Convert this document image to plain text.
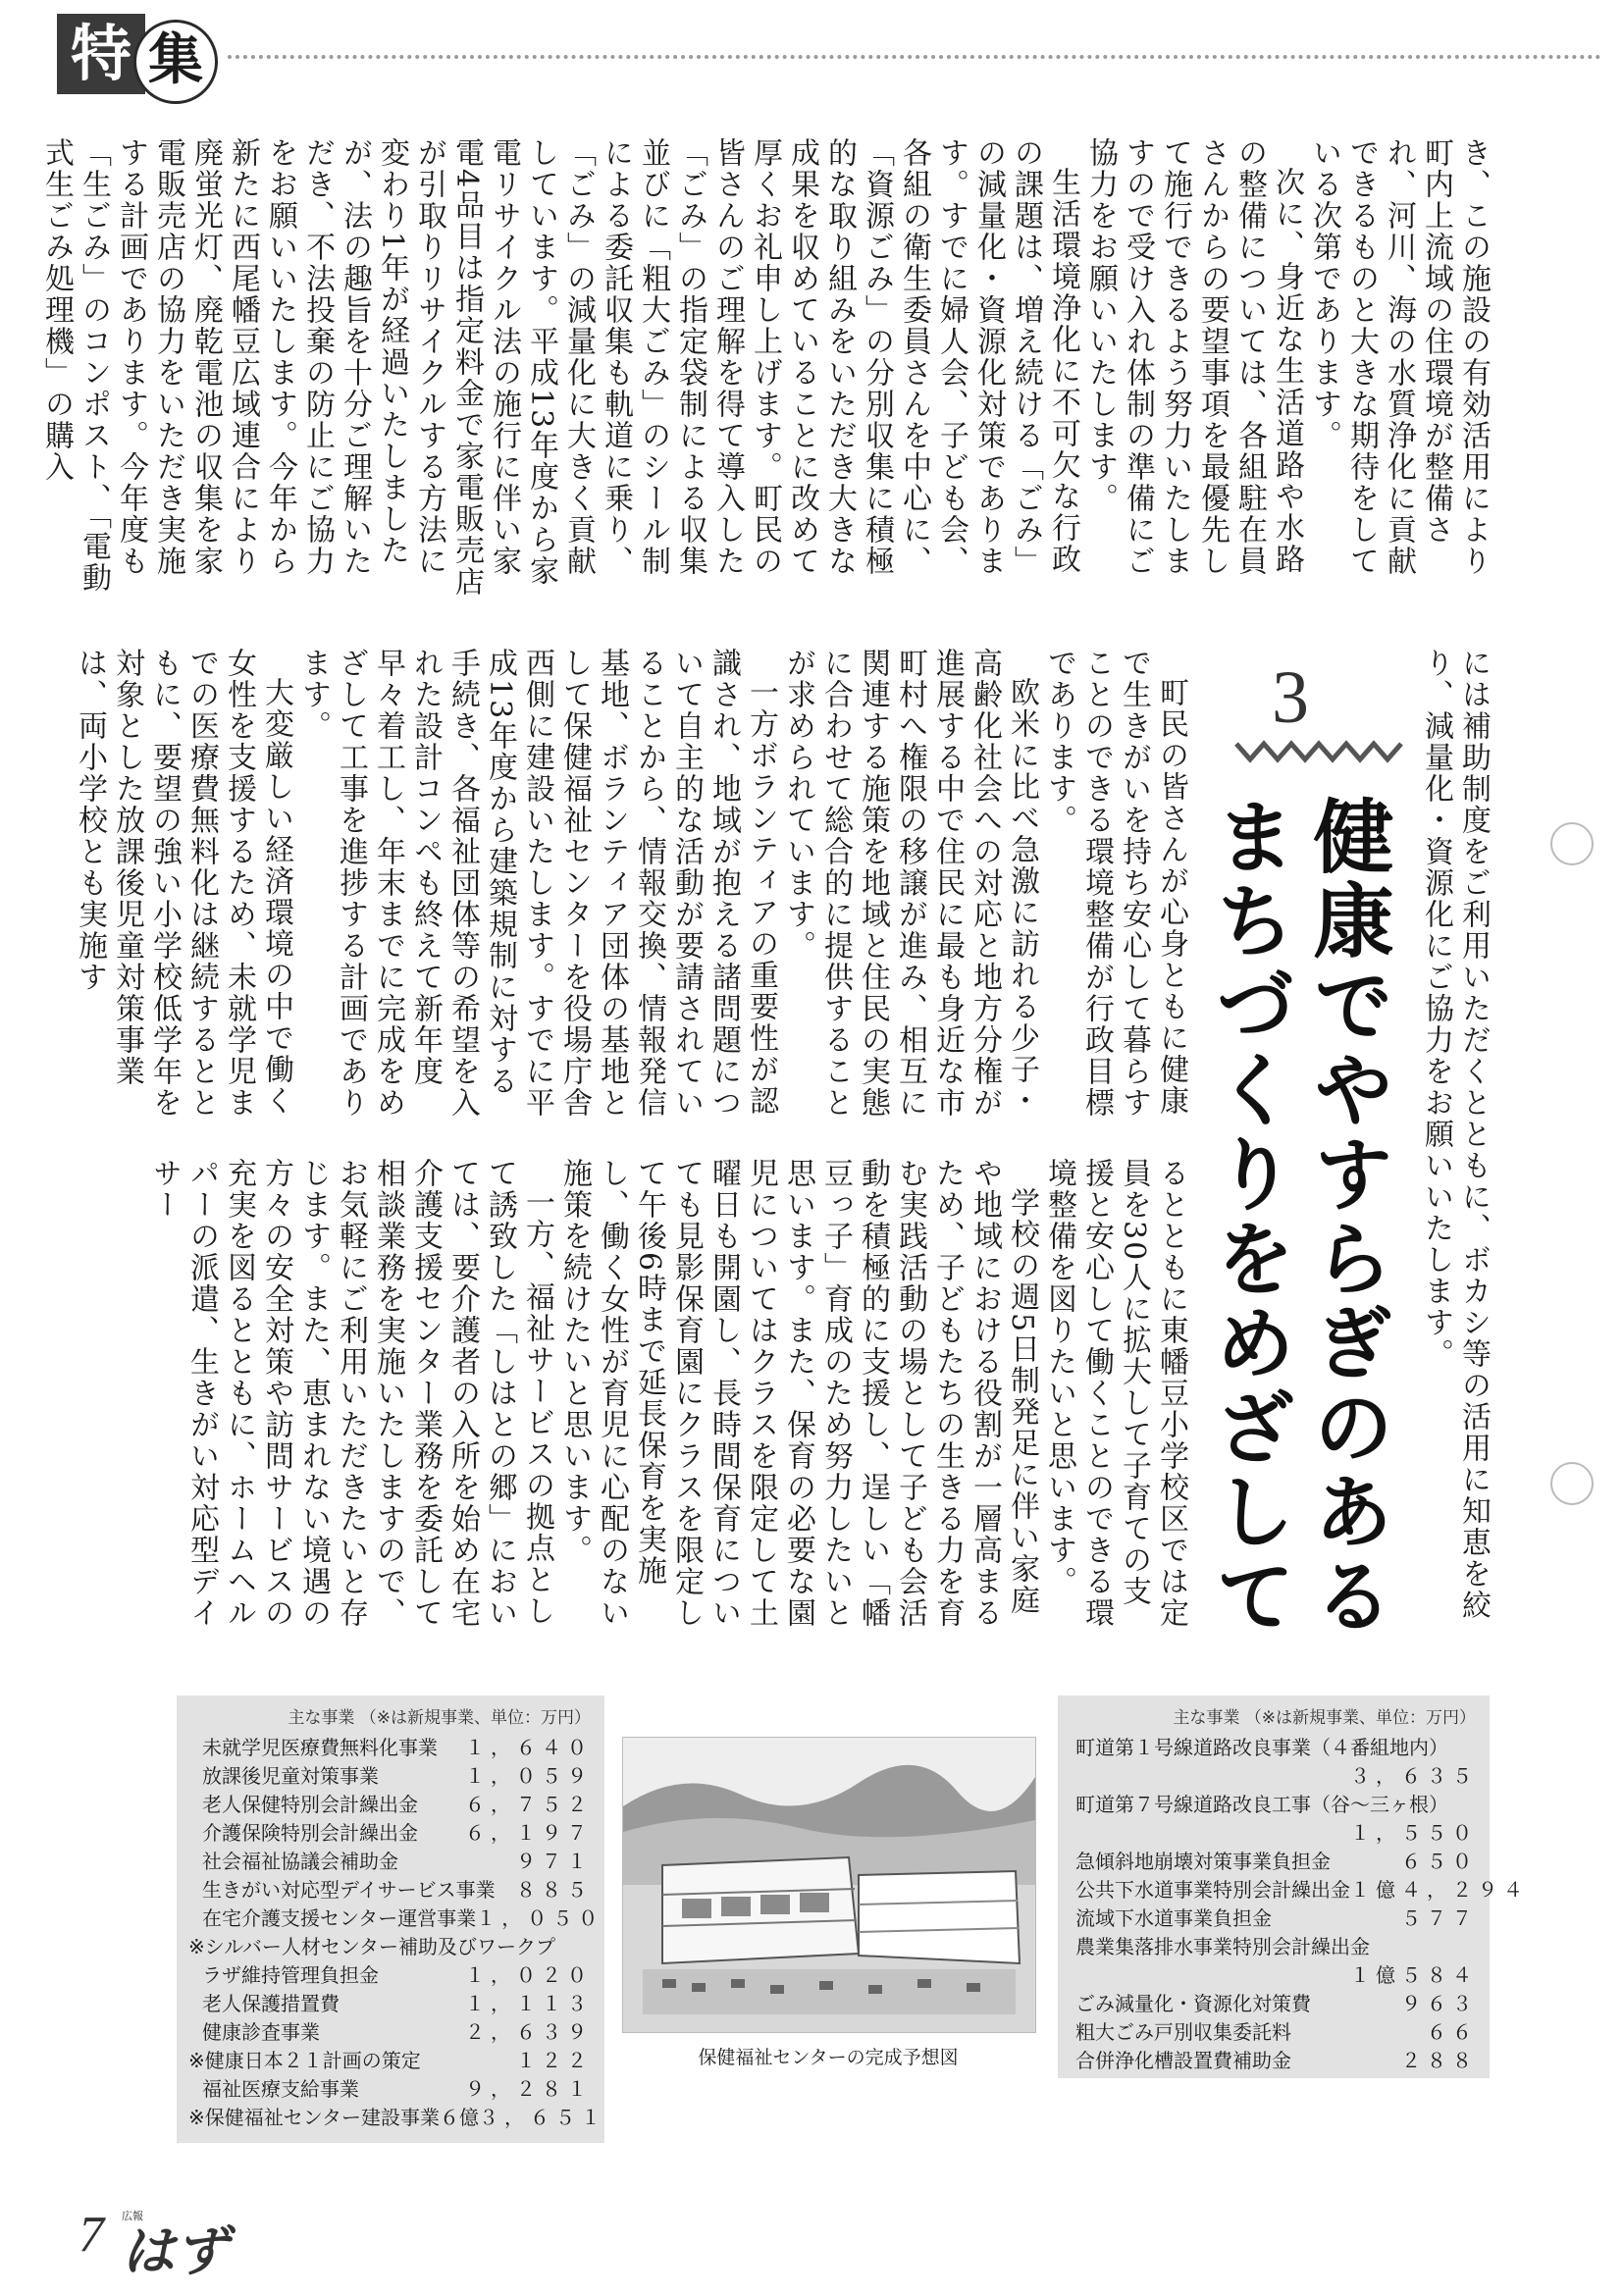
特 集

き、この施設の有効活用により町内上流域の住環境が整備され、河川、海の水質浄化に貢献できるものと大きな期待をしている次第であります。

次に、身近な生活道路や水路の整備については、各組駐在員さんからの要望事項を最優先して施行できるよう努力いたしますので受け入れ体制の準備にご協力をお願いいたします。

生活環境浄化に不可欠な行政の課題は、増え続ける「ごみ」の減量化・資源化対策であります。すでに婦人会、子ども会、各組の衛生委員さんを中心に、「資源ごみ」の分別収集に積極的な取り組みをいただき大きな成果を収めていることに改めて厚くお礼申し上げます。町民の皆さんのご理解を得て導入した「ごみ」の指定袋制による収集並びに「粗大ごみ」のシール制による委託収集も軌道に乗り、「ごみ」の減量化に大きく貢献しています。平成13年度から家電リサイクル法の施行に伴い家電4品目は指定料金で家電販売店が引取りリサイクルする方法に変わり1年が経過いたしましたが、法の趣旨を十分ご理解いただき、不法投棄の防止にご協力をお願いいたします。今年から新たに西尾幡豆広域連合により廃蛍光灯、廃乾電池の収集を家電販売店の協力をいただき実施する計画であります。今年度も「生ごみ」のコンポスト、「電動式生ごみ処理機」の購入

には補助制度をご利用いただくとともに、ボカシ等の活用に知恵を絞り、減量化・資源化にご協力をお願いいたします。

3
健康でやすらぎのある
まちづくりをめざして

町民の皆さんが心身ともに健康で生きがいを持ち安心して暮らすことのできる環境整備が行政目標であります。

欧米に比べ急激に訪れる少子・高齢化社会への対応と地方分権が進展する中で住民に最も身近な市町村へ権限の移譲が進み、相互に関連する施策を地域と住民の実態に合わせて総合的に提供することが求められています。

一方ボランティアの重要性が認識され、地域が抱える諸問題について自主的な活動が要請されていることから、情報交換、情報発信基地、ボランティア団体の基地として保健福祉センターを役場庁舎西側に建設いたします。すでに平成13年度から建築規制に対する手続き、各福祉団体等の希望を入れた設計コンペも終えて新年度早々着工し、年末までに完成をめざして工事を進捗する計画であります。

大変厳しい経済環境の中で働く女性を支援するため、未就学児までの医療費無料化は継続するとともに、要望の強い小学校低学年を対象とした放課後児童対策事業は、両小学校とも実施す

るとともに東幡豆小学校区では定員を30人に拡大して子育ての支援と安心して働くことのできる環境整備を図りたいと思います。

学校の週5日制発足に伴い家庭や地域における役割が一層高まるため、子どもたちの生きる力を育む実践活動の場として子ども会活動を積極的に支援し、逞しい「幡豆っ子」育成のため努力したいと思います。また、保育の必要な園児についてはクラスを限定して土曜日も開園し、長時間保育についても見影保育園にクラスを限定して午後6時まで延長保育を実施し、働く女性が育児に心配のない施策を続けたいと思います。

一方、福祉サービスの拠点として誘致した「しはとの郷」においては、要介護者の入所を始め在宅介護支援センター業務を委託して相談業務を実施いたしますので、お気軽にご利用いただきたいと存じます。また、恵まれない境遇の方々の安全対策や訪問サービスの充実を図るとともに、ホームヘルパーの派遣、生きがい対応型デイサー

主な事業 （※は新規事業、単位：万円）
未就学児医療費無料化事業 １，６４０
放課後児童対策事業	１，０５９
老人保健特別会計繰出金 ６，７５２
介護保険特別会計繰出金 ６，１９７
社会福祉協議会補助金	９７１
生きがい対応型デイサービス事業 ８８５
在宅介護支援センター運営事業 １，０５０
※シルバー人材センター補助及びワークプ
ラザ維持管理負担金	１，０２０
老人保護措置費	１，１１３
健康診査事業	２，６３９
※健康日本２１計画の策定	１２２
福祉医療支給事業	９，２８１
※保健福祉センター建設事業６億 ３，６５１
保健福祉センターの完成予想図
主な事業 （※は新規事業、単位：万円）
町道第１号線道路改良事業（４番組地内）
３，６３５
町道第７号線道路改良工事（谷～三ヶ根）
１，５５０
急傾斜地崩壊対策事業負担金	６５０
公共下水道事業特別会計繰出金 １億４，２９４
流域下水道事業負担金	５７７
農業集落排水事業特別会計繰出金
１億５８４
ごみ減量化・資源化対策費	９６３
粗大ごみ戸別収集委託料	６６
合併浄化槽設置費補助金	２８８
7 広報
はず
